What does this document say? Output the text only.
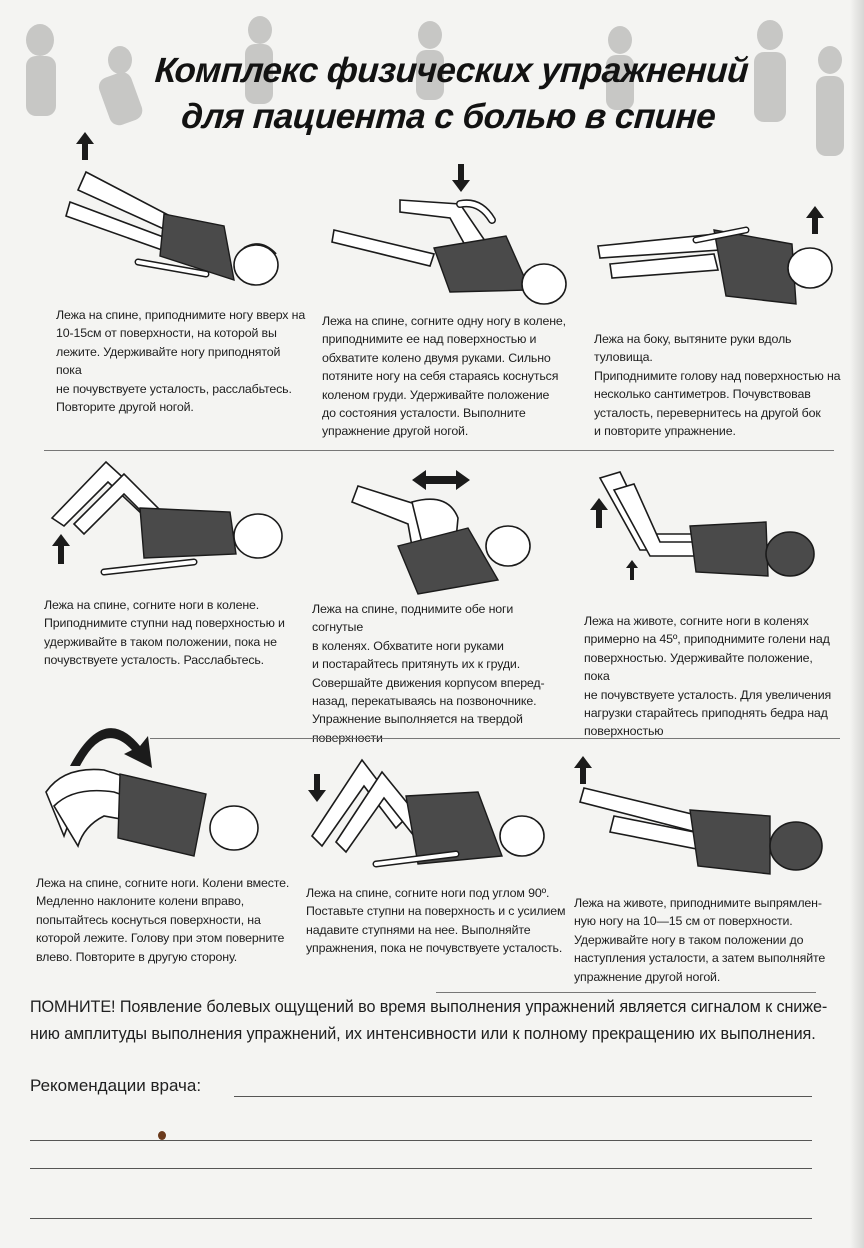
Комплекс физических упражнений
для пациента с болью в спине
Лежа на спине, приподнимите ногу вверх на
10-15см от поверхности, на которой вы
лежите. Удерживайте ногу приподнятой пока
не почувствуете усталость, расслабьтесь.
Повторите другой ногой.
Лежа на спине, согните одну ногу в колене,
приподнимите ее над поверхностью и
обхватите колено двумя руками. Сильно
потяните ногу на себя стараясь коснуться
коленом груди. Удерживайте положение
до состояния усталости. Выполните
упражнение другой ногой.
Лежа на боку, вытяните руки вдоль туловища.
Приподнимите голову над поверхностью на
несколько сантиметров. Почувствовав
усталость, перевернитесь на другой бок
и повторите упражнение.
Лежа на спине, согните ноги в колене.
Приподнимите ступни над поверхностью и
удерживайте в таком положении, пока не
почувствуете усталость. Расслабьтесь.
Лежа на спине, поднимите обе ноги согнутые
в коленях. Обхватите ноги руками
и постарайтесь притянуть их к груди.
Совершайте движения корпусом вперед-
назад, перекатываясь на позвоночнике.
Упражнение выполняется на твердой
поверхности
Лежа на животе, согните ноги в коленях
примерно на 45º, приподнимите голени над
поверхностью. Удерживайте положение, пока
не почувствуете усталость. Для увеличения
нагрузки старайтесь приподнять бедра над
поверхностью
Лежа на спине, согните ноги. Колени вместе.
Медленно наклоните колени вправо,
попытайтесь коснуться поверхности, на
которой лежите. Голову при этом поверните
влево. Повторите в другую сторону.
Лежа на спине, согните ноги под углом 90º.
Поставьте ступни на поверхность и с усилием
надавите ступнями на нее. Выполняйте
упражнения, пока не почувствуете усталость.
Лежа на животе, приподнимите выпрямлен-
ную ногу на 10—15 см от поверхности.
Удерживайте ногу в таком положении до
наступления усталости, а затем выполняйте
упражнение другой ногой.
ПОМНИТЕ! Появление болевых ощущений во время выполнения упражнений является сигналом к сниже-
нию амплитуды выполнения упражнений, их интенсивности или к полному прекращению их выполнения.
Рекомендации врача:
